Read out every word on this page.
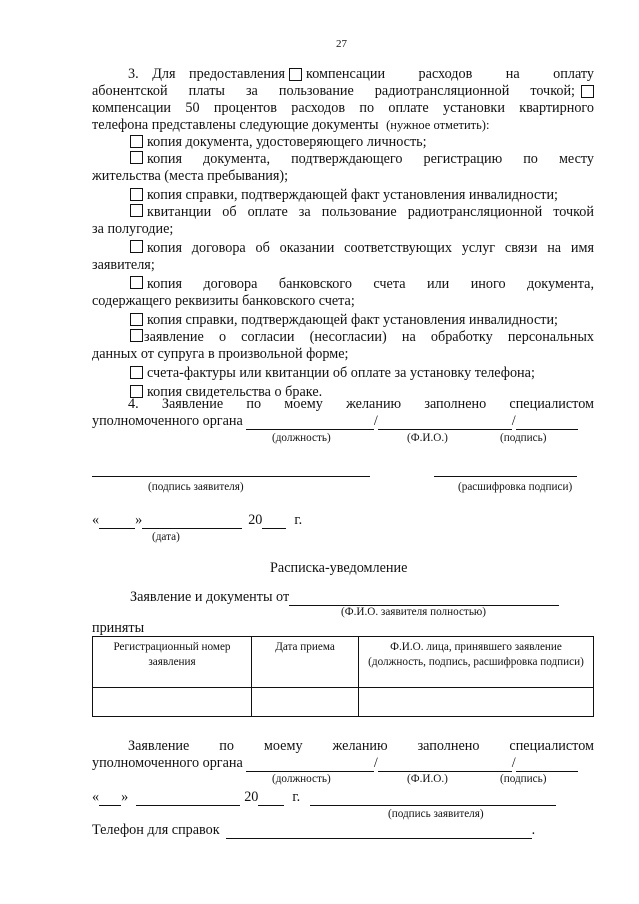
27
3. Для предоставления компенсации расходов на оплату
абонентской платы за пользование радиотрансляционной точкой;
компенсации 50 процентов расходов по оплате установки квартирного
телефона представлены следующие документы (нужное отметить):
копия документа, удостоверяющего личность;
копия документа, подтверждающего регистрацию по месту
жительства (места пребывания);
копия справки, подтверждающей факт установления инвалидности;
квитанции об оплате за пользование радиотрансляционной точкой
за полугодие;
копия договора об оказании соответствующих услуг связи на имя
заявителя;
копия договора банковского счета или иного документа,
содержащего реквизиты банковского счета;
копия справки, подтверждающей факт установления инвалидности;
заявление о согласии (несогласии) на обработку персональных
данных от супруга в произвольной форме;
счета-фактуры или квитанции об оплате за установку телефона;
копия свидетельства о браке.
4. Заявление по моему желанию заполнено специалистом
уполномоченного органа	/	/
(должность)	(Ф.И.О.)	(подпись)
(подпись заявителя)	(расшифровка подписи)
«	»	20 г.
(дата)
Расписка-уведомление
Заявление и документы от
(Ф.И.О. заявителя полностью)
приняты
Регистрационный номер заявления	Дата приема	Ф.И.О. лица, принявшего заявление (должность, подпись, расшифровка подписи)

Заявление по моему желанию заполнено специалистом
уполномоченного органа	/	/
(должность)	(Ф.И.О.)	(подпись)
« »	20 г.
(подпись заявителя)
Телефон для справок	.
